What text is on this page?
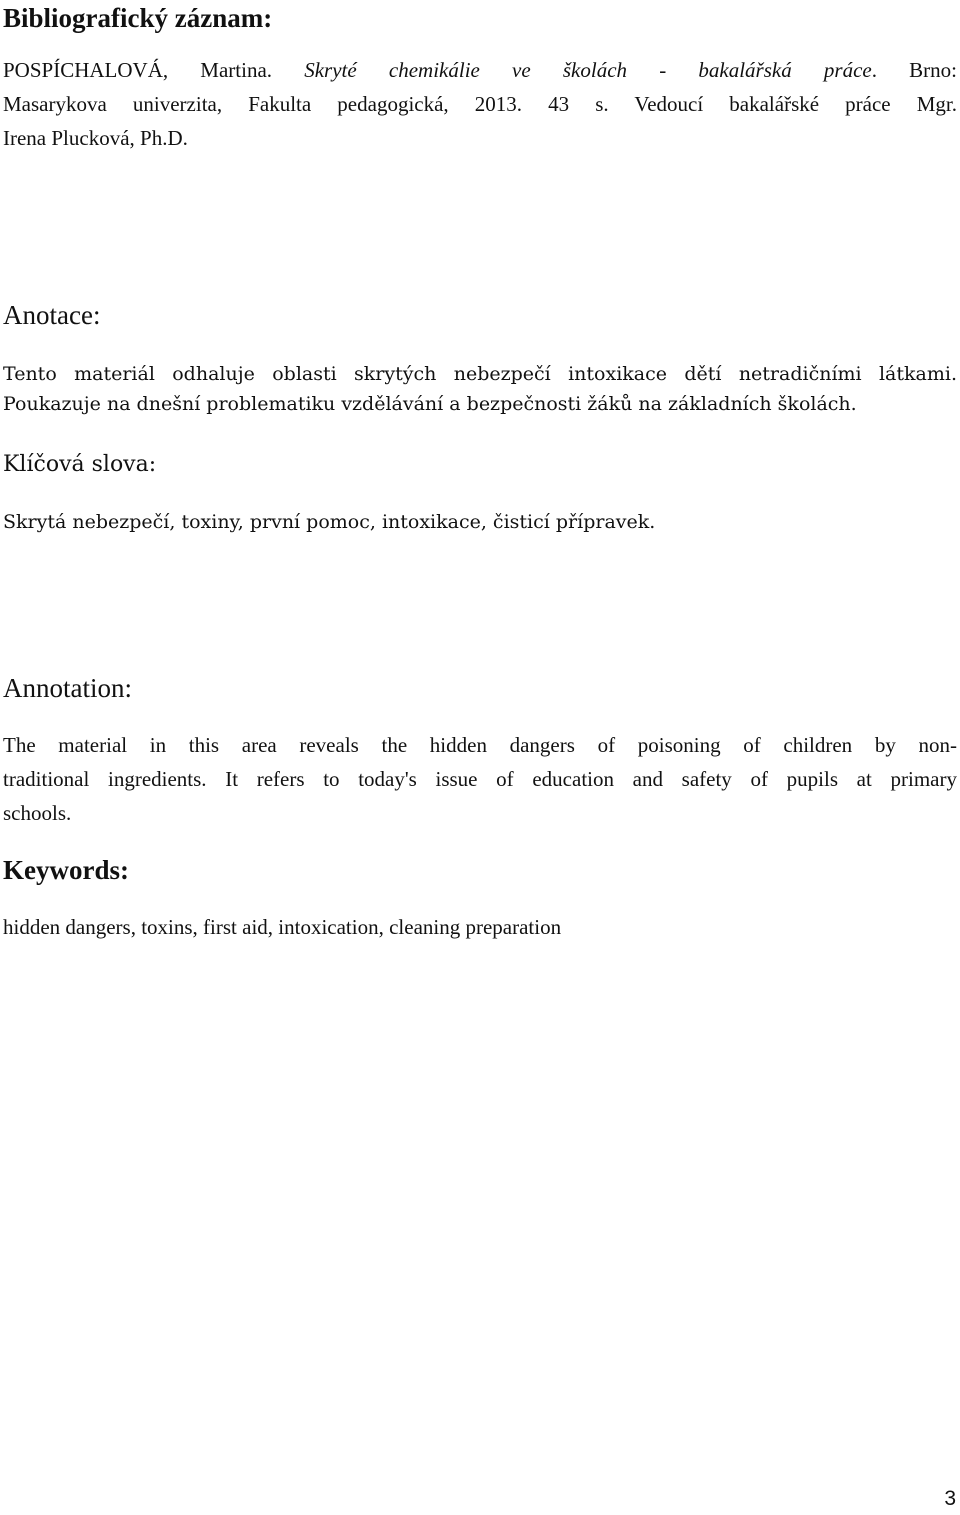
Bibliografický záznam:
POSPÍCHALOVÁ, Martina. Skryté chemikálie ve školách - bakalářská práce. Brno:
Masarykova univerzita, Fakulta pedagogická, 2013. 43 s. Vedoucí bakalářské práce Mgr.
Irena Plucková, Ph.D.
Anotace:
Tento materiál odhaluje oblasti skrytých nebezpečí intoxikace dětí netradičními látkami.
Poukazuje na dnešní problematiku vzdělávání a bezpečnosti žáků na základních školách.
Klíčová slova:
Skrytá nebezpečí, toxiny, první pomoc, intoxikace, čisticí přípravek.
Annotation:
The material in this area reveals the hidden dangers of poisoning of children by non-
traditional ingredients. It refers to today's issue of education and safety of pupils at primary
schools.
Keywords:
hidden dangers, toxins, first aid, intoxication, cleaning preparation
3
